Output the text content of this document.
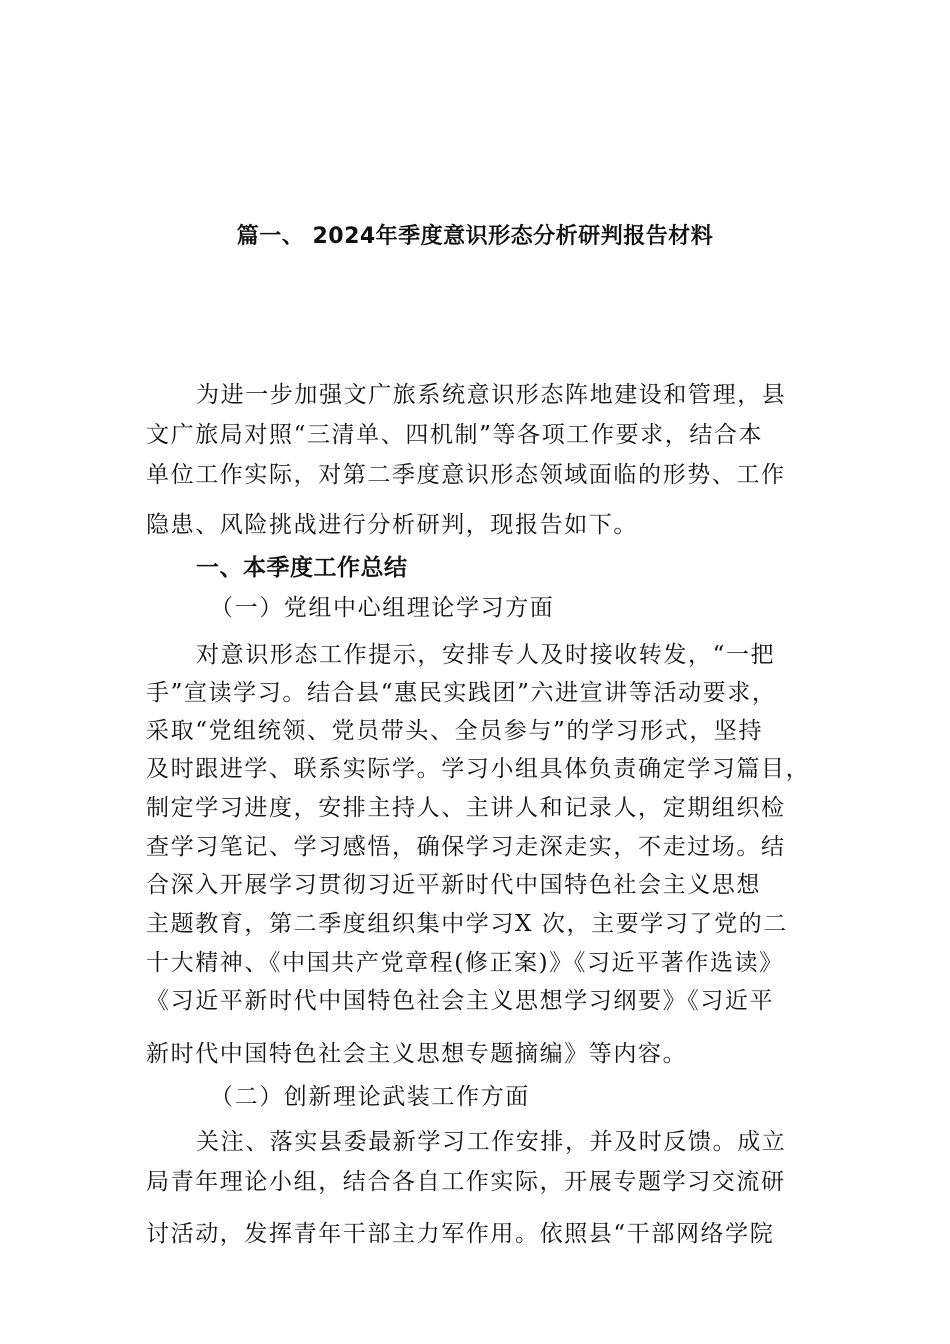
篇一、 2024年季度意识形态分析研判报告材料
为进一步加强文广旅系统意识形态阵地建设和管理，县
文广旅局对照“三清单、四机制”等各项工作要求，结合本
单位工作实际，对第二季度意识形态领域面临的形势、工作
隐患、风险挑战进行分析研判，现报告如下。
一、本季度工作总结
（一）党组中心组理论学习方面
对意识形态工作提示，安排专人及时接收转发，“一把
手”宣读学习。结合县“惠民实践团”六进宣讲等活动要求，
采取“党组统领、党员带头、全员参与”的学习形式，坚持
及时跟进学、联系实际学。学习小组具体负责确定学习篇目，
制定学习进度，安排主持人、主讲人和记录人，定期组织检
查学习笔记、学习感悟，确保学习走深走实，不走过场。结
合深入开展学习贯彻习近平新时代中国特色社会主义思想
主题教育，第二季度组织集中学习X 次，主要学习了党的二
十大精神、《中国共产党章程(修正案)》《习近平著作选读》
《习近平新时代中国特色社会主义思想学习纲要》《习近平
新时代中国特色社会主义思想专题摘编》等内容。
（二）创新理论武装工作方面
关注、落实县委最新学习工作安排，并及时反馈。成立
局青年理论小组，结合各自工作实际，开展专题学习交流研
讨活动，发挥青年干部主力军作用。依照县“干部网络学院
